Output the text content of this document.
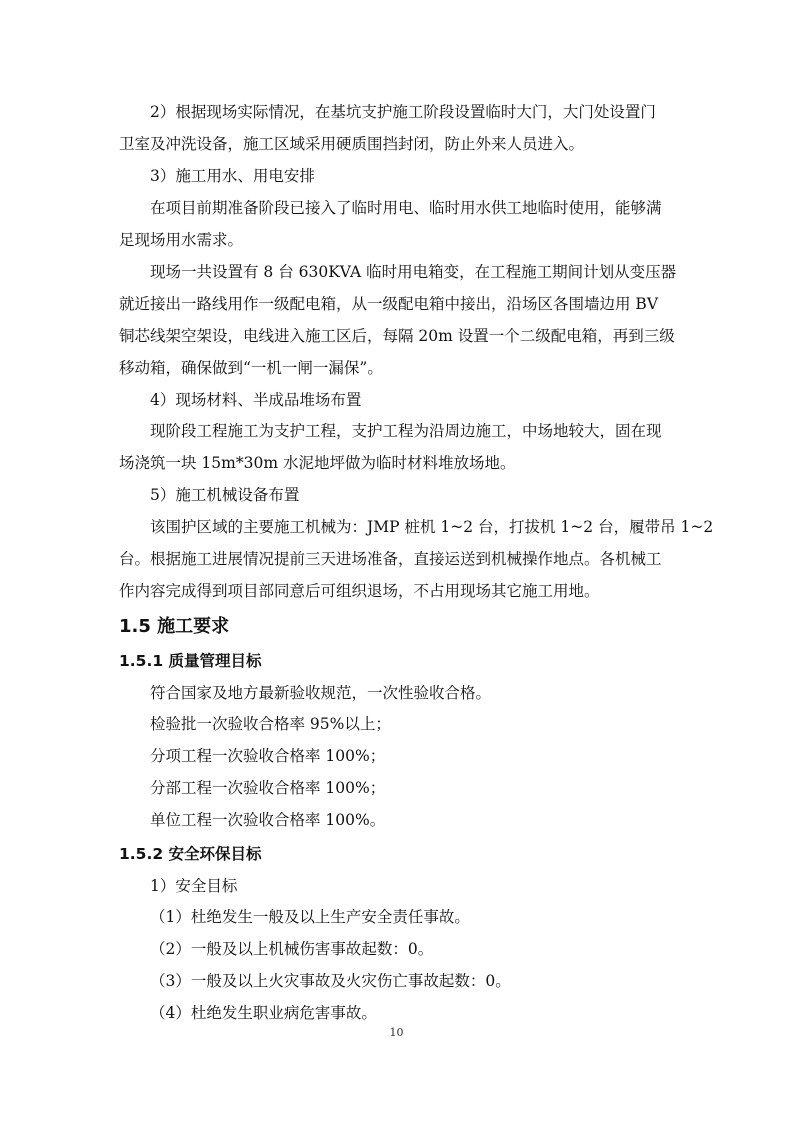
2）根据现场实际情况，在基坑支护施工阶段设置临时大门，大门处设置门
卫室及冲洗设备，施工区域采用硬质围挡封闭，防止外来人员进入。
3）施工用水、用电安排
在项目前期准备阶段已接入了临时用电、临时用水供工地临时使用，能够满
足现场用水需求。
现场一共设置有 8 台 630KVA 临时用电箱变，在工程施工期间计划从变压器
就近接出一路线用作一级配电箱，从一级配电箱中接出，沿场区各围墙边用 BV
铜芯线架空架设，电线进入施工区后，每隔 20m 设置一个二级配电箱，再到三级
移动箱，确保做到“一机一闸一漏保”。
4）现场材料、半成品堆场布置
现阶段工程施工为支护工程，支护工程为沿周边施工，中场地较大，固在现
场浇筑一块 15m*30m 水泥地坪做为临时材料堆放场地。
5）施工机械设备布置
该围护区域的主要施工机械为：JMP 桩机 1~2 台，打拔机 1~2 台，履带吊 1~2
台。根据施工进展情况提前三天进场准备，直接运送到机械操作地点。各机械工
作内容完成得到项目部同意后可组织退场，不占用现场其它施工用地。
1.5 施工要求
1.5.1 质量管理目标
符合国家及地方最新验收规范，一次性验收合格。
检验批一次验收合格率 95%以上；
分项工程一次验收合格率 100%；
分部工程一次验收合格率 100%；
单位工程一次验收合格率 100%。
1.5.2 安全环保目标
1）安全目标
（1）杜绝发生一般及以上生产安全责任事故。
（2）一般及以上机械伤害事故起数：0。
（3）一般及以上火灾事故及火灾伤亡事故起数：0。
（4）杜绝发生职业病危害事故。
10
